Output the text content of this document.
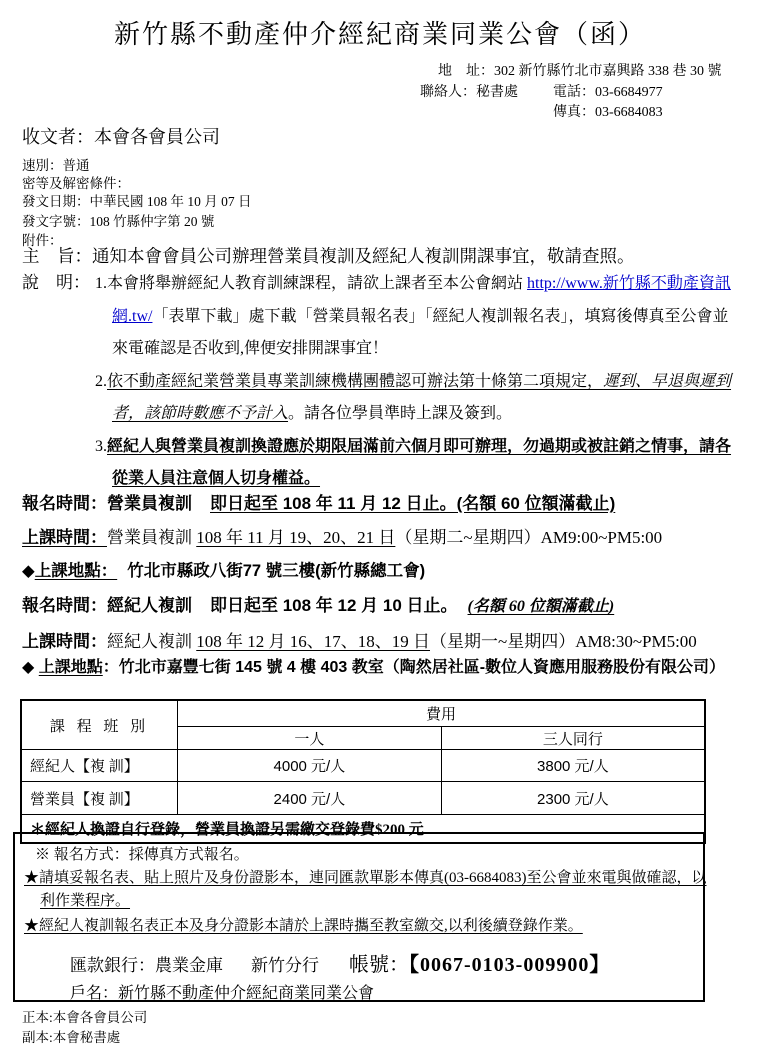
新竹縣不動產仲介經紀商業同業公會（函）
地　址：302 新竹縣竹北市嘉興路 338 巷 30 號
聯絡人：秘書處	電話：03-6684977
傳真：03-6684083
收文者：本會各會員公司
速別：普通
密等及解密條件：
發文日期：中華民國 108 年 10 月 07 日
發文字號：108 竹縣仲字第 20 號
附件：
主　旨：通知本會會員公司辦理營業員複訓及經紀人複訓開課事宜，敬請查照。
說　明： 1.本會將舉辦經紀人教育訓練課程，請欲上課者至本公會網站 http://www.新竹縣不動產資訊網.tw/「表單下載」處下載「營業員報名表」「經紀人複訓報名表」，填寫後傳真至公會並來電確認是否收到,俾便安排開課事宜！
2.依不動產經紀業營業員專業訓練機構團體認可辦法第十條第二項規定，遲到、早退與遲到者，該節時數應不予計入。請各位學員準時上課及簽到。
3.經紀人與營業員複訓換證應於期限屆滿前六個月即可辦理，勿過期或被註銷之情事，請各從業人員注意個人切身權益。
報名時間：營業員複訓 即日起至 108 年 11 月 12 日止。(名額 60 位額滿截止)
上課時間：營業員複訓 108 年 11 月 19、20、21 日（星期二~星期四）AM9:00~PM5:00
◆上課地點： 竹北市縣政八街77 號三樓(新竹縣總工會)
報名時間：經紀人複訓 即日起至 108 年 12 月 10 日止。 (名額 60 位額滿截止)
上課時間：經紀人複訓 108 年 12 月 16、17、18、19 日（星期一~星期四）AM8:30~PM5:00
◆ 上課地點：竹北市嘉豐七街 145 號 4 樓 403 教室（陶然居社區-數位人資應用服務股份有限公司）
課 程 班 別	費用	
	一人	三人同行
經紀人【複 訓】	4000 元/人	3800 元/人
營業員【複 訓】	2400 元/人	2300 元/人
＊經紀人換證自行登錄，營業員換證另需繳交登錄費$200 元		
※ 報名方式：採傳真方式報名。
★請填妥報名表、貼上照片及身份證影本，連同匯款單影本傳真(03-6684083)至公會並來電與做確認，以利作業程序。
★經紀人複訓報名表正本及身分證影本請於上課時攜至教室繳交,以利後續登錄作業。
匯款銀行：農業金庫 新竹分行 帳號：【0067-0103-009900】
戶名：新竹縣不動產仲介經紀商業同業公會
正本:本會各會員公司
副本:本會秘書處
